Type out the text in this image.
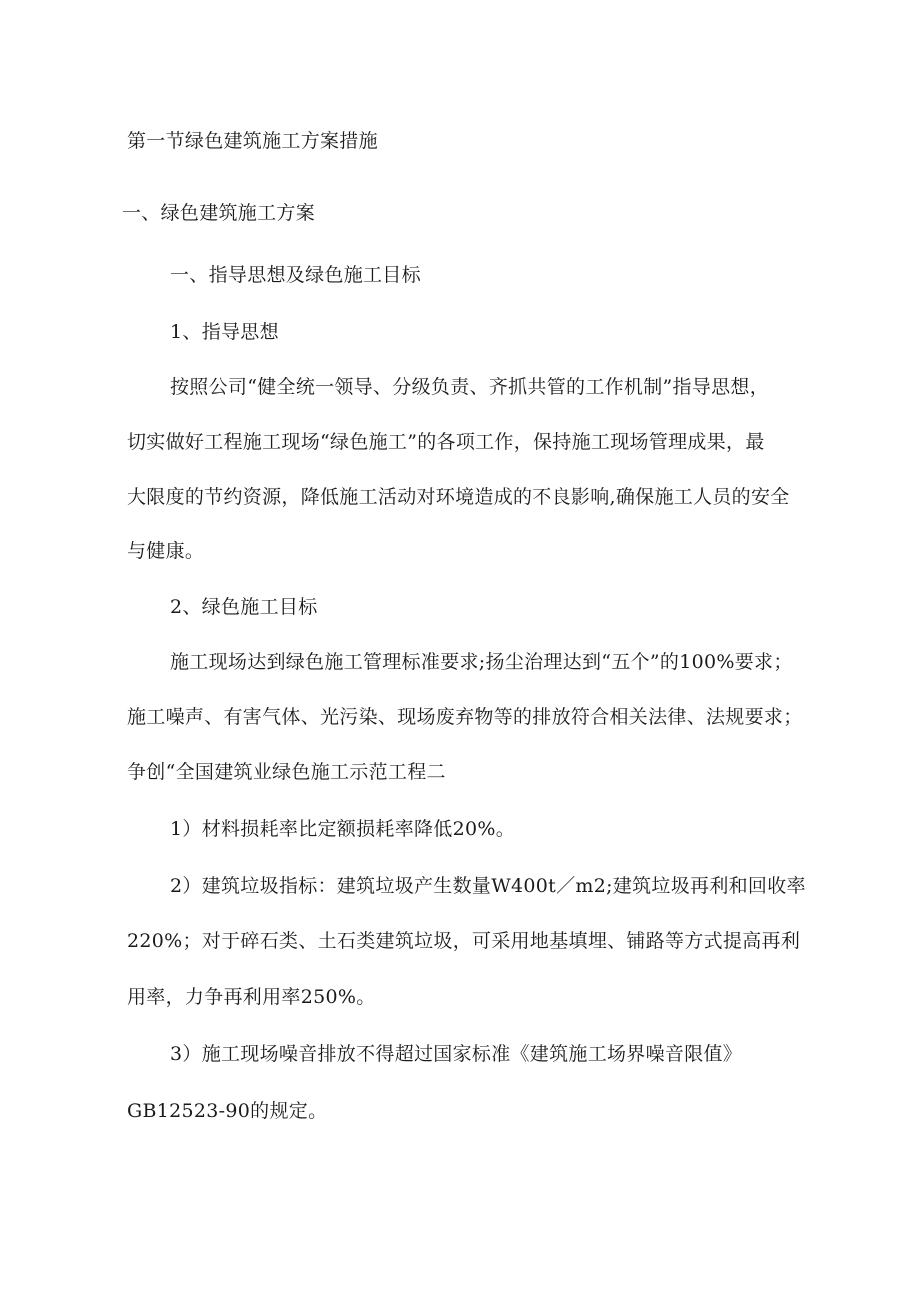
第一节绿色建筑施工方案措施
一、绿色建筑施工方案
一、指导思想及绿色施工目标
1、指导思想
按照公司“健全统一领导、分级负责、齐抓共管的工作机制”指导思想，
切实做好工程施工现场“绿色施工”的各项工作，保持施工现场管理成果，最
大限度的节约资源，降低施工活动对环境造成的不良影响,确保施工人员的安全
与健康。
2、绿色施工目标
施工现场达到绿色施工管理标准要求;扬尘治理达到“五个”的100%要求；
施工噪声、有害气体、光污染、现场废弃物等的排放符合相关法律、法规要求；
争创“全国建筑业绿色施工示范工程二
1）材料损耗率比定额损耗率降低20%。
2）建筑垃圾指标：建筑垃圾产生数量W400t／m2;建筑垃圾再利和回收率
220%；对于碎石类、土石类建筑垃圾，可采用地基填埋、铺路等方式提高再利
用率，力争再利用率250%。
3）施工现场噪音排放不得超过国家标准《建筑施工场界噪音限值》
GB12523-90的规定。
